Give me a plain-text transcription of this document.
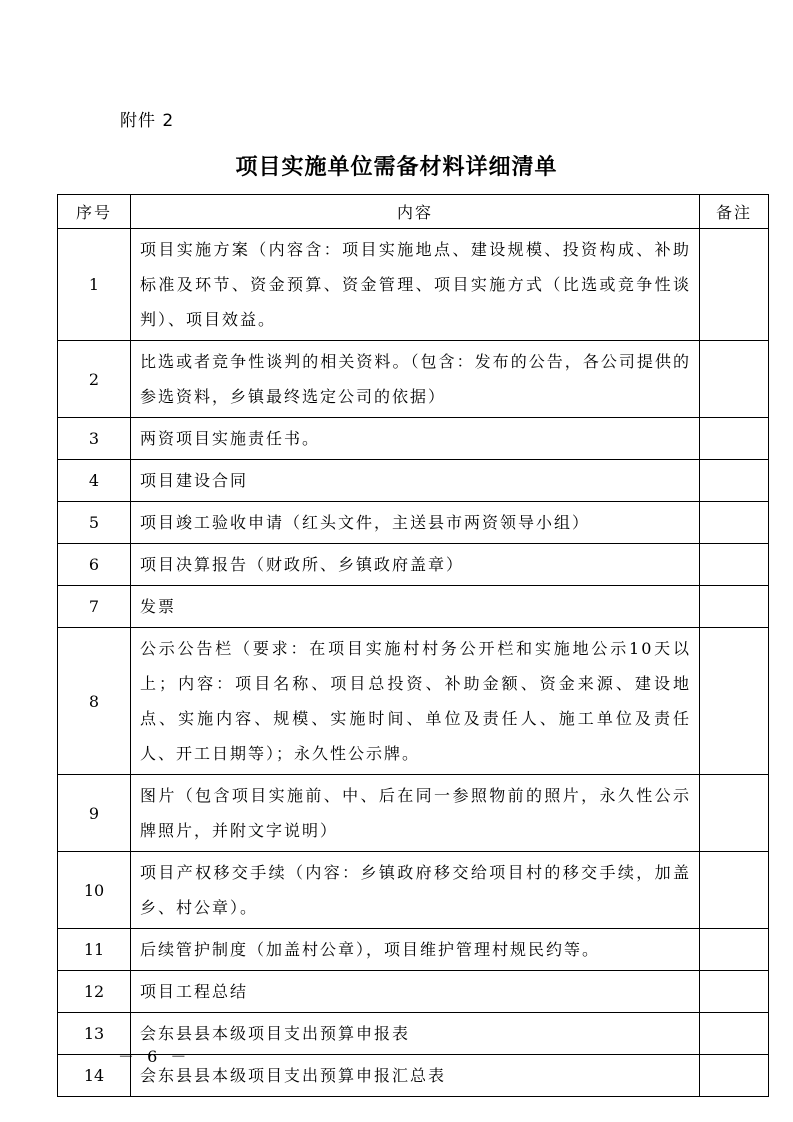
附件 2
项目实施单位需备材料详细清单
序号	内容	备注
1	项目实施方案（内容含：项目实施地点、建设规模、投资构成、补助标准及环节、资金预算、资金管理、项目实施方式（比选或竞争性谈判）、项目效益。	
2	比选或者竞争性谈判的相关资料。（包含：发布的公告，各公司提供的参选资料，乡镇最终选定公司的依据）	
3	两资项目实施责任书。	
4	项目建设合同	
5	项目竣工验收申请（红头文件，主送县市两资领导小组）	
6	项目决算报告（财政所、乡镇政府盖章）	
7	发票	
8	公示公告栏（要求：在项目实施村村务公开栏和实施地公示10天以上；内容：项目名称、项目总投资、补助金额、资金来源、建设地点、实施内容、规模、实施时间、单位及责任人、施工单位及责任人、开工日期等）；永久性公示牌。	
9	图片（包含项目实施前、中、后在同一参照物前的照片，永久性公示牌照片，并附文字说明）	
10	项目产权移交手续（内容：乡镇政府移交给项目村的移交手续，加盖乡、村公章）。	
11	后续管护制度（加盖村公章），项目维护管理村规民约等。	
12	项目工程总结	
13	会东县县本级项目支出预算申报表	
14	会东县县本级项目支出预算申报汇总表	
－ 6 －
